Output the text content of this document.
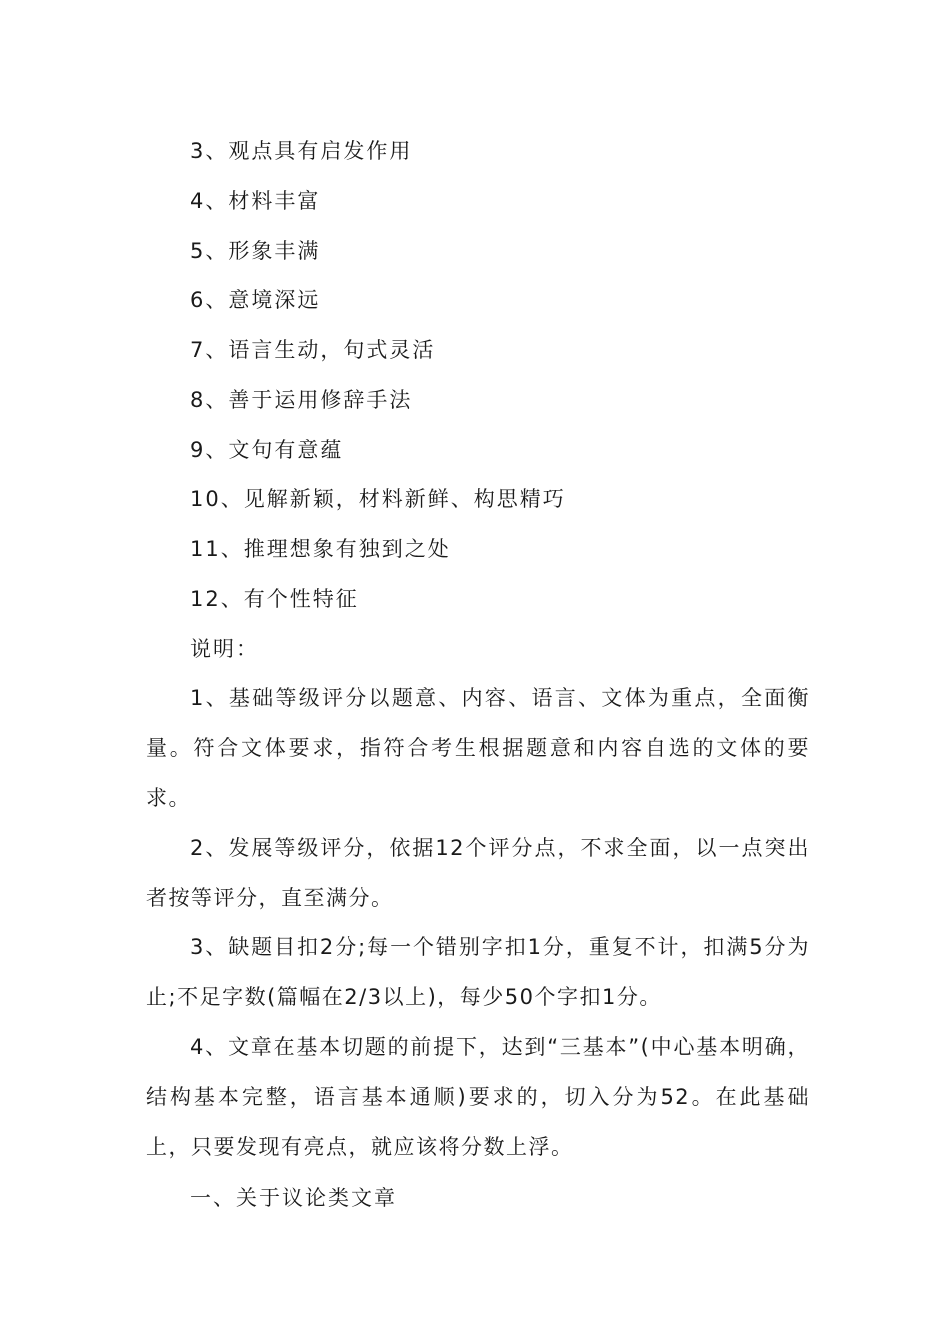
3、观点具有启发作用
4、材料丰富
5、形象丰满
6、意境深远
7、语言生动，句式灵活
8、善于运用修辞手法
9、文句有意蕴
10、见解新颖，材料新鲜、构思精巧
11、推理想象有独到之处
12、有个性特征
说明：

1、基础等级评分以题意、内容、语言、文体为重点，全面衡量。符合文体要求，指符合考生根据题意和内容自选的文体的要求。

2、发展等级评分，依据12个评分点，不求全面，以一点突出者按等评分，直至满分。

3、缺题目扣2分;每一个错别字扣1分，重复不计，扣满5分为止;不足字数(篇幅在2/3以上)，每少50个字扣1分。

4、文章在基本切题的前提下，达到“三基本”(中心基本明确，结构基本完整，语言基本通顺)要求的，切入分为52。在此基础上，只要发现有亮点，就应该将分数上浮。

一、关于议论类文章
